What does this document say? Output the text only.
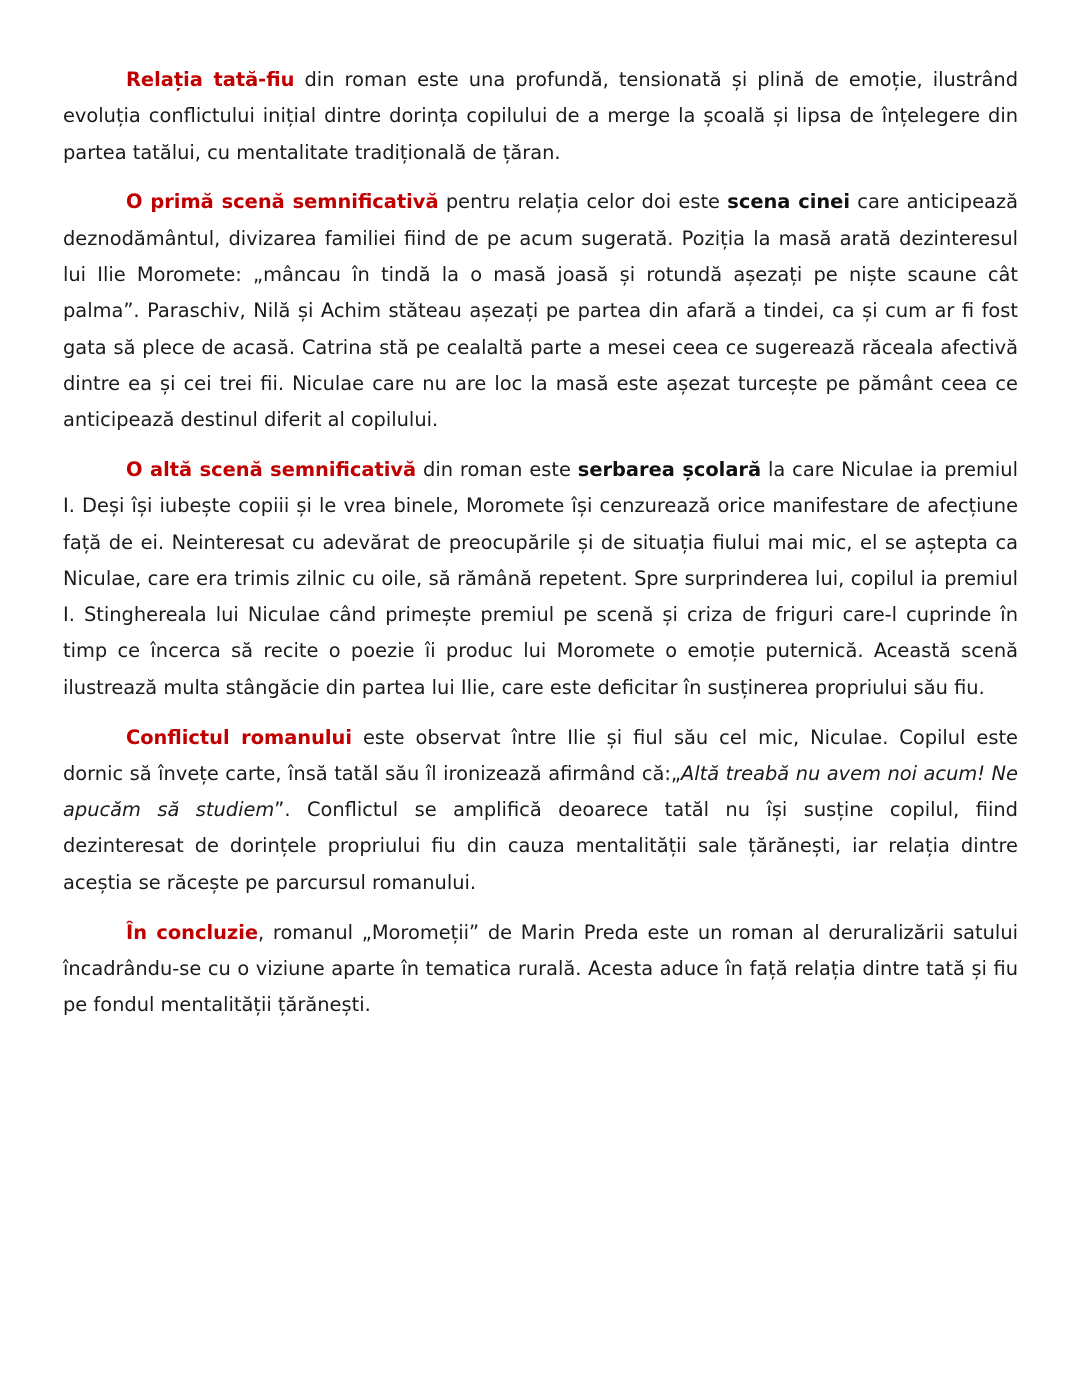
Relația tată-fiu din roman este una profundă, tensionată și plină de emoție, ilustrând evoluția conflictului inițial dintre dorința copilului de a merge la școală și lipsa de înțelegere din partea tatălui, cu mentalitate tradițională de țăran.

O primă scenă semnificativă pentru relația celor doi este scena cinei care anticipează deznodământul, divizarea familiei fiind de pe acum sugerată. Poziția la masă arată dezinteresul lui Ilie Moromete: „mâncau în tindă la o masă joasă și rotundă așezați pe niște scaune cât palma”. Paraschiv, Nilă și Achim stăteau așezați pe partea din afară a tindei, ca și cum ar fi fost gata să plece de acasă. Catrina stă pe cealaltă parte a mesei ceea ce sugerează răceala afectivă dintre ea și cei trei fii. Niculae care nu are loc la masă este așezat turcește pe pământ ceea ce anticipează destinul diferit al copilului.

O altă scenă semnificativă din roman este serbarea școlară la care Niculae ia premiul I. Deși își iubește copiii și le vrea binele, Moromete își cenzurează orice manifestare de afecțiune față de ei. Neinteresat cu adevărat de preocupările și de situația fiului mai mic, el se aștepta ca Niculae, care era trimis zilnic cu oile, să rămână repetent. Spre surprinderea lui, copilul ia premiul I. Stinghereala lui Niculae când primește premiul pe scenă și criza de friguri care-l cuprinde în timp ce încerca să recite o poezie îi produc lui Moromete o emoție puternică. Această scenă ilustrează multa stângăcie din partea lui Ilie, care este deficitar în susținerea propriului său fiu.

Conflictul romanului este observat între Ilie și fiul său cel mic, Niculae. Copilul este dornic să învețe carte, însă tatăl său îl ironizează afirmând că:„Altă treabă nu avem noi acum! Ne apucăm să studiem”. Conflictul se amplifică deoarece tatăl nu își susține copilul, fiind dezinteresat de dorințele propriului fiu din cauza mentalității sale țărănești, iar relația dintre aceștia se răcește pe parcursul romanului.

În concluzie, romanul „Moromeții” de Marin Preda este un roman al deruralizării satului încadrându-se cu o viziune aparte în tematica rurală. Acesta aduce în față relația dintre tată și fiu pe fondul mentalității țărănești.
